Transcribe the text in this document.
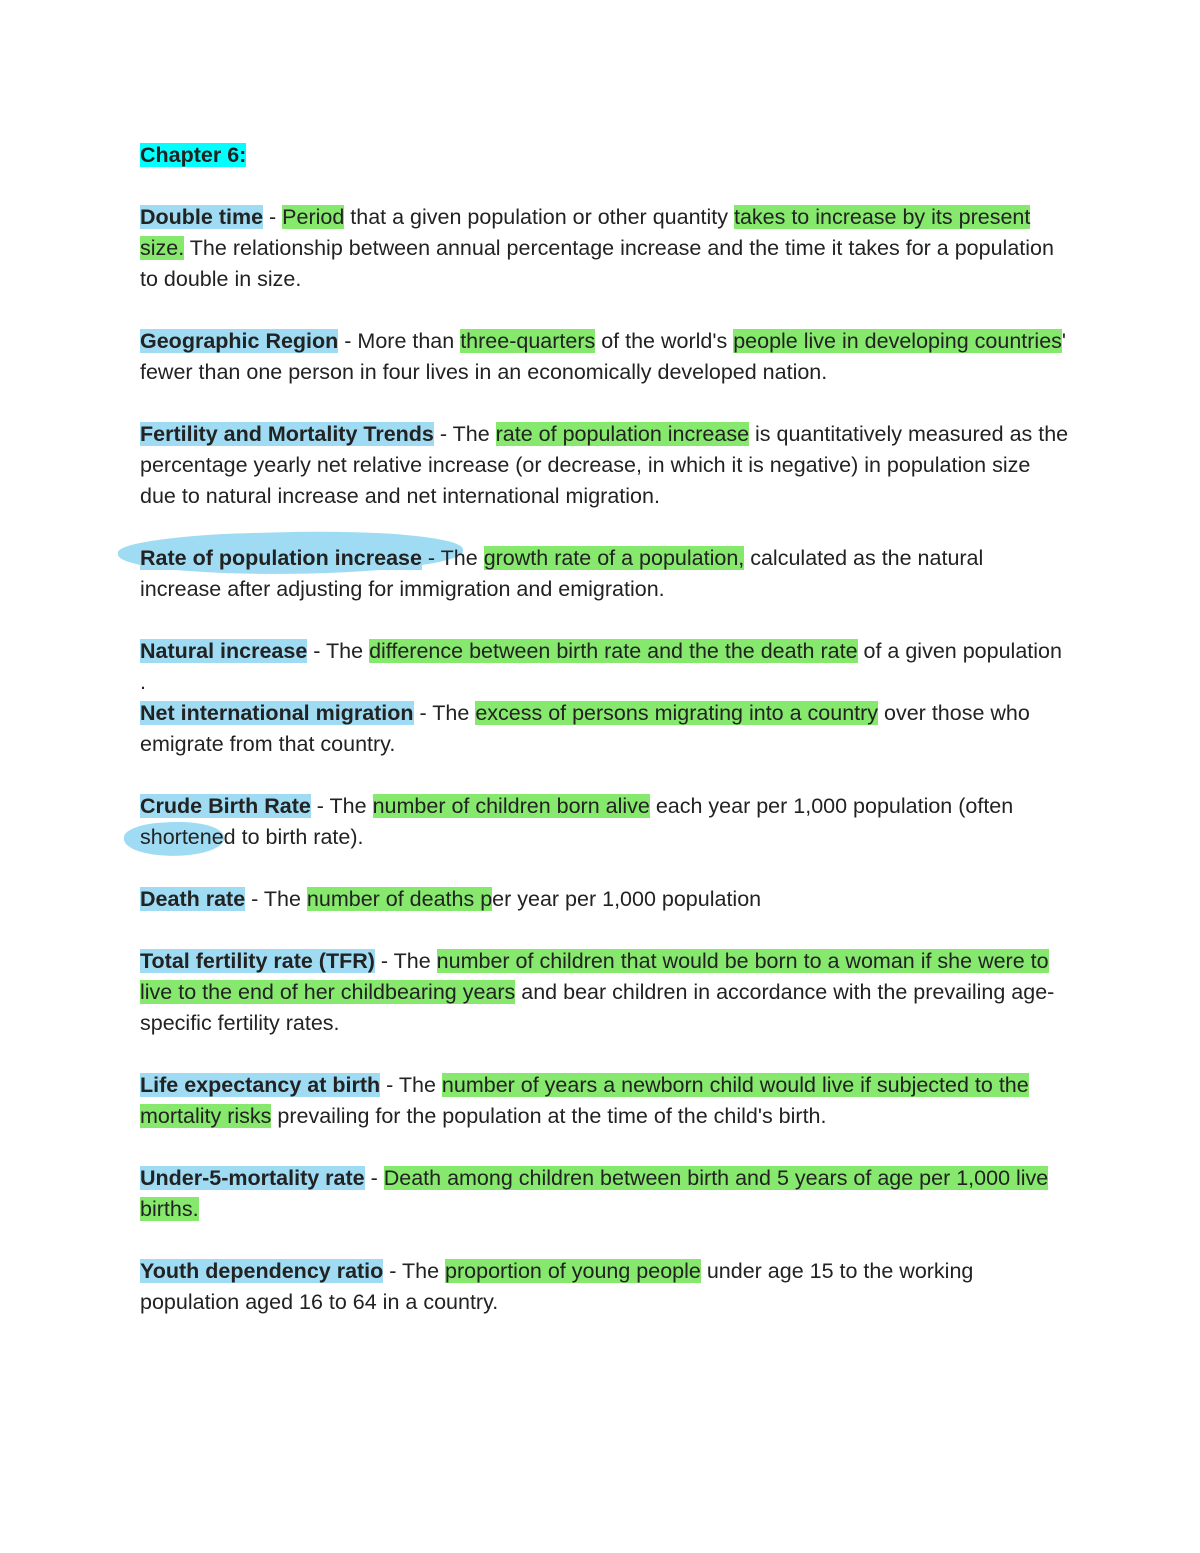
Chapter 6:
Double time - Period that a given population or other quantity takes to increase by its present size. The relationship between annual percentage increase and the time it takes for a population to double in size.
Geographic Region - More than three-quarters of the world's people live in developing countries' fewer than one person in four lives in an economically developed nation.
Fertility and Mortality Trends - The rate of population increase is quantitatively measured as the percentage yearly net relative increase (or decrease, in which it is negative) in population size due to natural increase and net international migration.
Rate of population increase - The growth rate of a population, calculated as the natural increase after adjusting for immigration and emigration.
Natural increase - The difference between birth rate and the the death rate of a given population
.
Net international migration - The excess of persons migrating into a country over those who emigrate from that country.
Crude Birth Rate - The number of children born alive each year per 1,000 population (often shortened to birth rate).
Death rate - The number of deaths per year per 1,000 population
Total fertility rate (TFR) - The number of children that would be born to a woman if she were to live to the end of her childbearing years and bear children in accordance with the prevailing age-specific fertility rates.
Life expectancy at birth - The number of years a newborn child would live if subjected to the mortality risks prevailing for the population at the time of the child's birth.
Under-5-mortality rate - Death among children between birth and 5 years of age per 1,000 live births.
Youth dependency ratio - The proportion of young people under age 15 to the working population aged 16 to 64 in a country.
